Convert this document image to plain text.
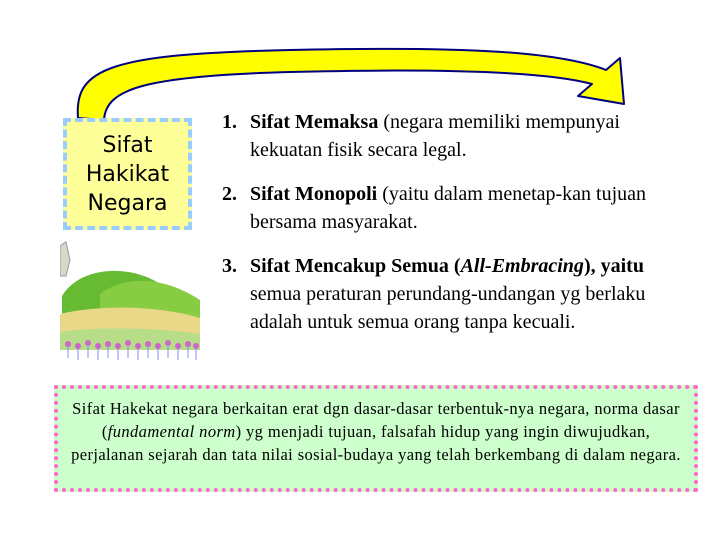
Sifat
Hakikat
Negara
1. Sifat Memaksa (negara memiliki mempunyai kekuatan fisik secara legal.
2. Sifat Monopoli (yaitu dalam menetap-kan tujuan bersama masyarakat.
3. Sifat Mencakup Semua (All-Embracing), yaitu semua peraturan perundang-undangan yg berlaku adalah untuk semua orang tanpa kecuali.
Sifat Hakekat negara berkaitan erat dgn dasar-dasar terbentuk-nya negara, norma dasar (fundamental norm) yg menjadi tujuan, falsafah hidup yang ingin diwujudkan, perjalanan sejarah dan tata nilai sosial-budaya yang telah berkembang di dalam negara.
